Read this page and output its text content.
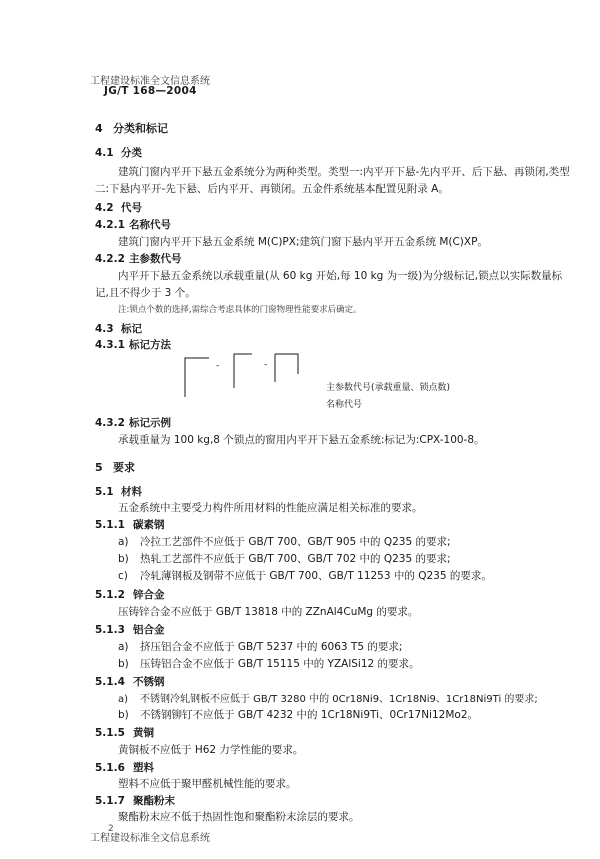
工程建设标准全文信息系统
JG/T 168—2004
4 分类和标记
4.1 分类
建筑门窗内平开下悬五金系统分为两种类型。类型一:内平开下悬-先内平开、后下悬、再锁闭,类型
二:下悬内平开-先下悬、后内平开、再锁闭。五金件系统基本配置见附录 A。
4.2 代号
4.2.1 名称代号
建筑门窗内平开下悬五金系统 M(C)PX;建筑门窗下悬内平开五金系统 M(C)XP。
4.2.2 主参数代号
内平开下悬五金系统以承载重量(从 60 kg 开始,每 10 kg 为一级)为分级标记,锁点以实际数量标
记,且不得少于 3 个。
注:锁点个数的选择,需综合考虑具体的门窗物理性能要求后确定。
4.3 标记
4.3.1 标记方法
-	-
主参数代号(承载重量、锁点数)
名称代号
4.3.2 标记示例
承载重量为 100 kg,8 个锁点的窗用内平开下悬五金系统:标记为:CPX-100-8。
5 要求
5.1 材料
五金系统中主要受力构件所用材料的性能应满足相关标准的要求。
5.1.1 碳素钢
a) 冷拉工艺部件不应低于 GB/T 700、GB/T 905 中的 Q235 的要求;
b) 热轧工艺部件不应低于 GB/T 700、GB/T 702 中的 Q235 的要求;
c) 冷轧薄钢板及钢带不应低于 GB/T 700、GB/T 11253 中的 Q235 的要求。
5.1.2 锌合金
压铸锌合金不应低于 GB/T 13818 中的 ZZnAl4CuMg 的要求。
5.1.3 铝合金
a) 挤压铝合金不应低于 GB/T 5237 中的 6063 T5 的要求;
b) 压铸铝合金不应低于 GB/T 15115 中的 YZAlSi12 的要求。
5.1.4 不锈钢
a) 不锈钢冷轧钢板不应低于 GB/T 3280 中的 0Cr18Ni9、1Cr18Ni9、1Cr18Ni9Ti 的要求;
b) 不锈钢铆钉不应低于 GB/T 4232 中的 1Cr18Ni9Ti、0Cr17Ni12Mo2。
5.1.5 黄铜
黄铜板不应低于 H62 力学性能的要求。
5.1.6 塑料
塑料不应低于聚甲醛机械性能的要求。
5.1.7 聚酯粉末
聚酯粉末应不低于热固性饱和聚酯粉末涂层的要求。
2
工程建设标准全文信息系统
